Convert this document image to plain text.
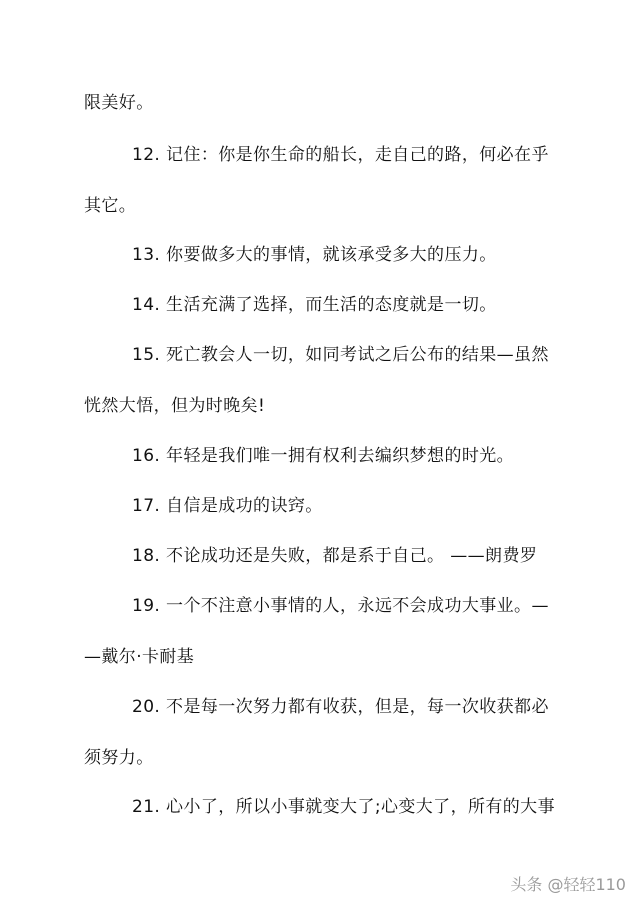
限美好。
12. 记住：你是你生命的船长，走自己的路，何必在乎
其它。
13. 你要做多大的事情，就该承受多大的压力。
14. 生活充满了选择，而生活的态度就是一切。
15. 死亡教会人一切，如同考试之后公布的结果—虽然
恍然大悟，但为时晚矣!
16. 年轻是我们唯一拥有权利去编织梦想的时光。
17. 自信是成功的诀窍。
18. 不论成功还是失败，都是系于自己。 ——朗费罗
19. 一个不注意小事情的人，永远不会成功大事业。—
—戴尔·卡耐基
20. 不是每一次努力都有收获，但是，每一次收获都必
须努力。
21. 心小了，所以小事就变大了;心变大了，所有的大事
头条 @轻轻110
